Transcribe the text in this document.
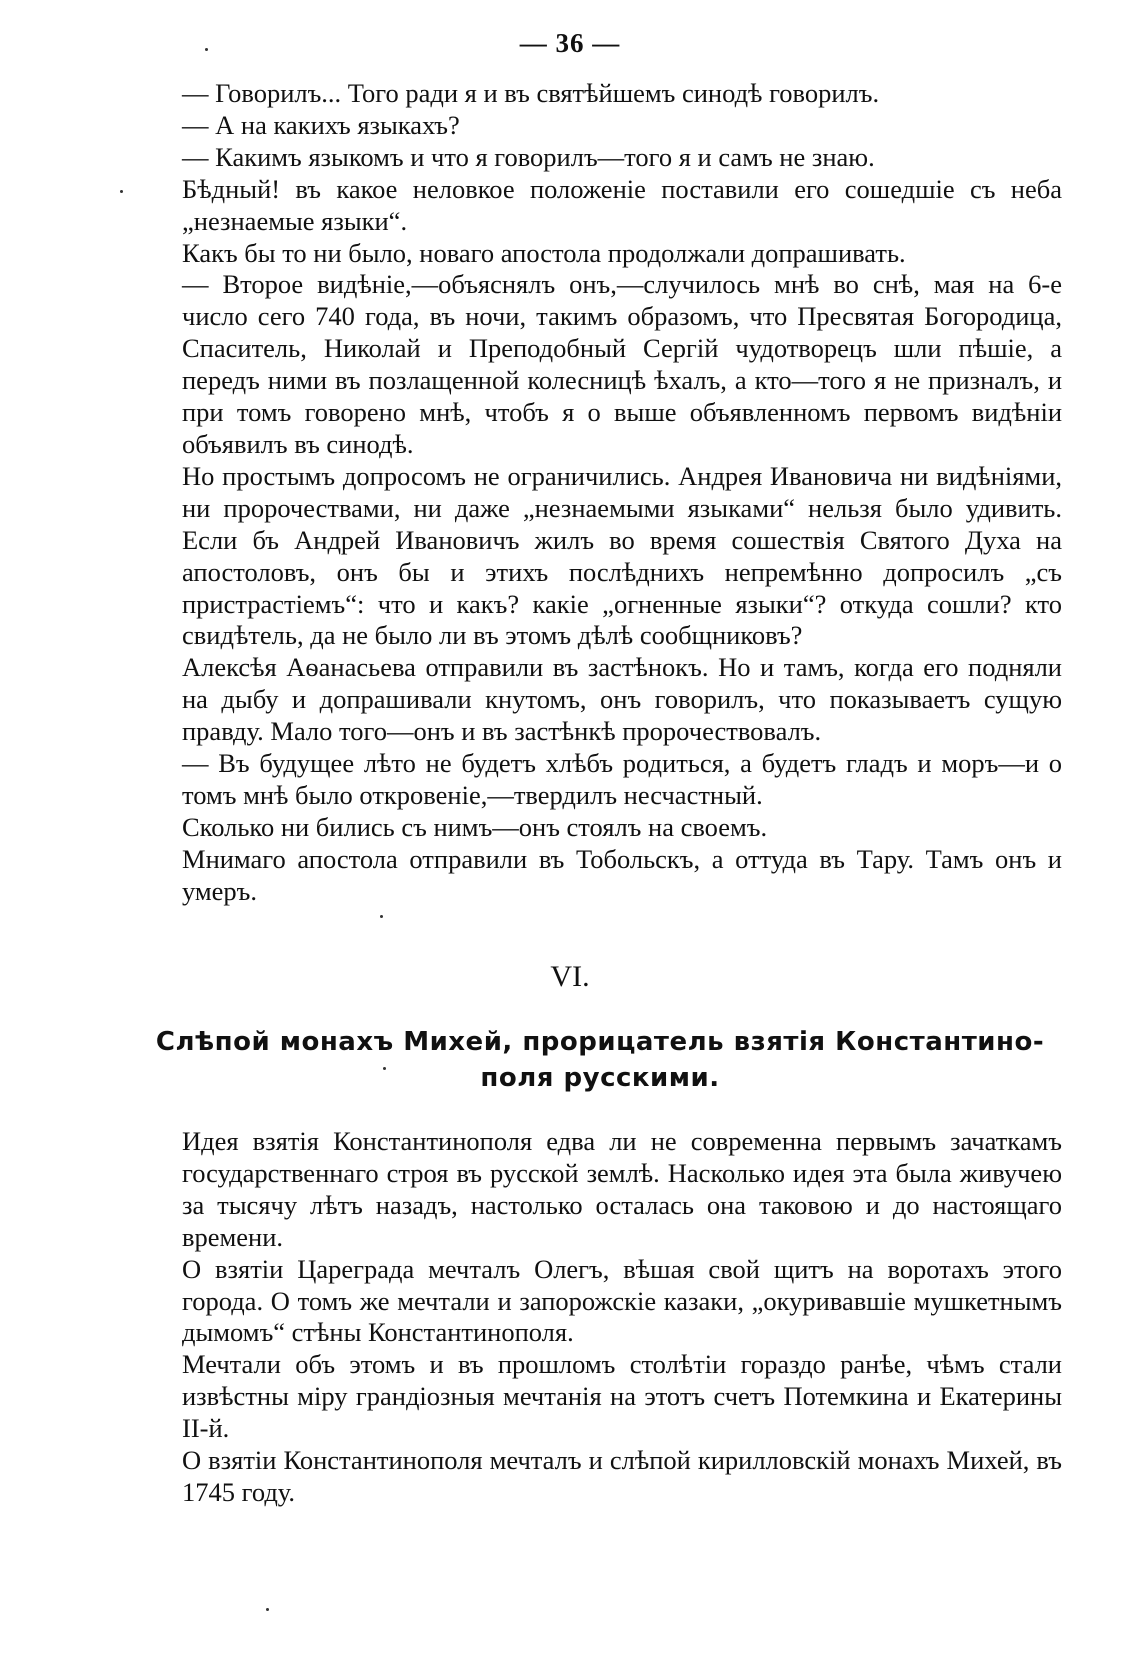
— 36 —

— Говорилъ... Того ради я и въ святѣйшемъ синодѣ говорилъ.

— А на какихъ языкахъ?

— Какимъ языкомъ и что я говорилъ—того я и самъ не знаю.

Бѣдный! въ какое неловкое положеніе поставили его сошедшіе съ неба „незнаемые языки“.

Какъ бы то ни было, новаго апостола продолжали допрашивать.

— Второе видѣніе,—объяснялъ онъ,—случилось мнѣ во снѣ, мая на 6-е число сего 740 года, въ ночи, такимъ образомъ, что Пресвятая Богородица, Спаситель, Николай и Преподобный Сергій чудотворецъ шли пѣшіе, а передъ ними въ позлащенной колесницѣ ѣхалъ, а кто—того я не призналъ, и при томъ говорено мнѣ, чтобъ я о выше объявленномъ первомъ видѣніи объявилъ въ синодѣ.

Но простымъ допросомъ не ограничились. Андрея Ивановича ни видѣніями, ни пророчествами, ни даже „незнаемыми языками“ нельзя было удивить. Если бъ Андрей Ивановичъ жилъ во время сошествія Святого Духа на апостоловъ, онъ бы и этихъ послѣднихъ непремѣнно допросилъ „съ пристрастіемъ“: что и какъ? какіе „огненные языки“? откуда сошли? кто свидѣтель, да не было ли въ этомъ дѣлѣ сообщниковъ?

Алексѣя Аѳанасьева отправили въ застѣнокъ. Но и тамъ, когда его подняли на дыбу и допрашивали кнутомъ, онъ говорилъ, что показываетъ сущую правду. Мало того—онъ и въ застѣнкѣ пророчествовалъ.

— Въ будущее лѣто не будетъ хлѣбъ родиться, а будетъ гладъ и моръ—и о томъ мнѣ было откровеніе,—твердилъ несчастный.

Сколько ни бились съ нимъ—онъ стоялъ на своемъ.

Мнимаго апостола отправили въ Тобольскъ, а оттуда въ Тару. Тамъ онъ и умеръ.

VI.
Слѣпой монахъ Михей, прорицатель взятія Константино-
поля русскими.

Идея взятія Константинополя едва ли не современна первымъ зачаткамъ государственнаго строя въ русской землѣ. Насколько идея эта была живучею за тысячу лѣтъ назадъ, настолько осталась она таковою и до настоящаго времени.

О взятіи Цареграда мечталъ Олегъ, вѣшая свой щитъ на воротахъ этого города. О томъ же мечтали и запорожскіе казаки, „окуривавшіе мушкетнымъ дымомъ“ стѣны Константинополя.

Мечтали объ этомъ и въ прошломъ столѣтіи гораздо ранѣе, чѣмъ стали извѣстны міру грандіозныя мечтанія на этотъ счетъ Потемкина и Екатерины II-й.

О взятіи Константинополя мечталъ и слѣпой кирилловскій монахъ Михей, въ 1745 году.
